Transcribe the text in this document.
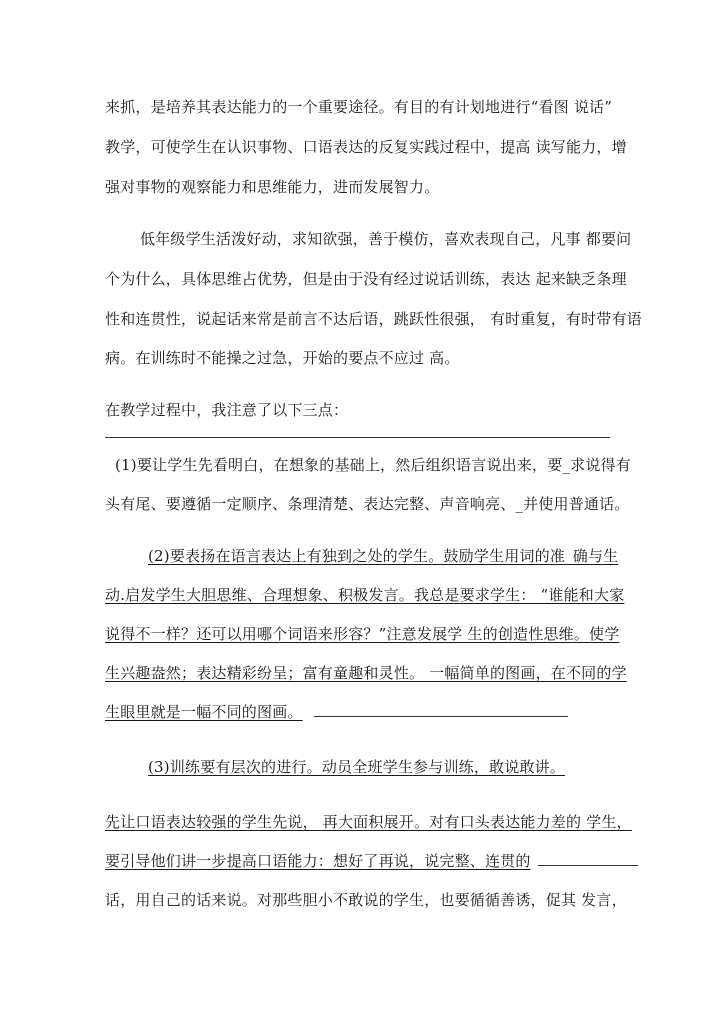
来抓，是培养其表达能力的一个重要途径。有目的有计划地进行“看图 说话”
教学，可使学生在认识事物、口语表达的反复实践过程中，提高 读写能力，增
强对事物的观察能力和思维能力，进而发展智力。
低年级学生活泼好动，求知欲强，善于模仿，喜欢表现自己，凡事 都要问
个为什么，具体思维占优势，但是由于没有经过说话训练，表达 起来缺乏条理
性和连贯性，说起话来常是前言不达后语，跳跃性很强， 有时重复，有时带有语
病。在训练时不能操之过急，开始的要点不应过 高。
在教学过程中，我注意了以下三点：
(1)要让学生先看明白，在想象的基础上，然后组织语言说出来，要_求说得有
头有尾、要遵循一定顺序、条理清楚、表达完整、声音响亮、_并使用普通话。
(2)要表扬在语言表达上有独到之处的学生。鼓励学生用词的准_确与生
动.启发学生大胆思维、合理想象、积极发言。我总是要求学生： “谁能和大家
说得不一样？还可以用哪个词语来形容？”注意发展学 生的创造性思维。使学
生兴趣盎然；表达精彩纷呈；富有童趣和灵性。 一幅简单的图画，在不同的学
生眼里就是一幅不同的图画。
(3)训练要有层次的进行。动员全班学生参与训练，敢说敢讲。
先让口语表达较强的学生先说， 再大面积展开。对有口头表达能力差的 学生，
要引导他们讲一步提高口语能力：想好了再说，说完整、连贯的
话，用自己的话来说。对那些胆小不敢说的学生，也要循循善诱，促其 发言，
